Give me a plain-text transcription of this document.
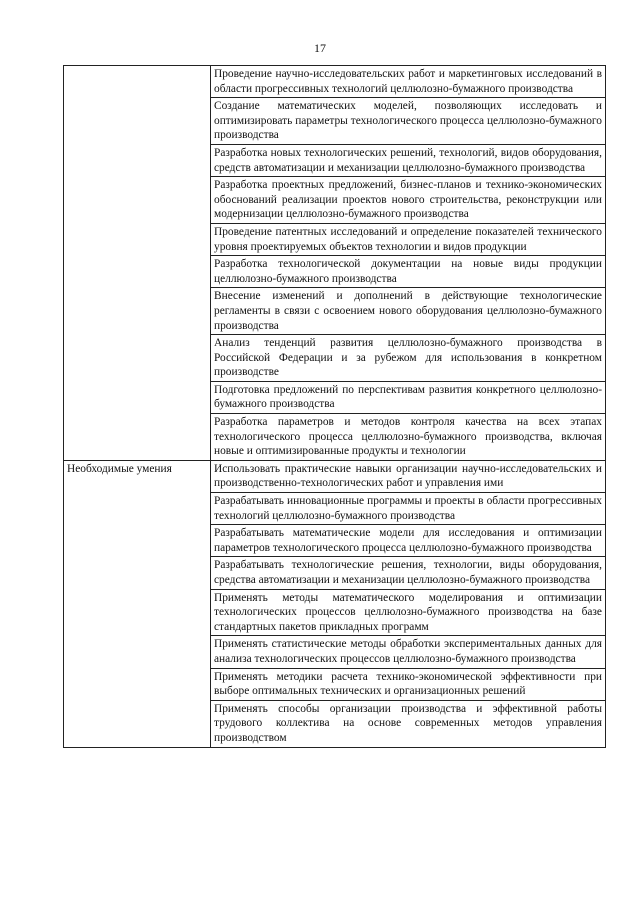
17
	Проведение научно-исследовательских работ и маркетинговых исследований в области прогрессивных технологий целлюлозно-бумажного производства
	Создание математических моделей, позволяющих исследовать и оптимизировать параметры технологического процесса целлюлозно-бумажного производства
	Разработка новых технологических решений, технологий, видов оборудования, средств автоматизации и механизации целлюлозно-бумажного производства
	Разработка проектных предложений, бизнес-планов и технико-экономических обоснований реализации проектов нового строительства, реконструкции или модернизации целлюлозно-бумажного производства
	Проведение патентных исследований и определение показателей технического уровня проектируемых объектов технологии и видов продукции
	Разработка технологической документации на новые виды продукции целлюлозно-бумажного производства
	Внесение изменений и дополнений в действующие технологические регламенты в связи с освоением нового оборудования целлюлозно-бумажного производства
	Анализ тенденций развития целлюлозно-бумажного производства в Российской Федерации и за рубежом для использования в конкретном производстве
	Подготовка предложений по перспективам развития конкретного целлюлозно-бумажного производства
	Разработка параметров и методов контроля качества на всех этапах технологического процесса целлюлозно-бумажного производства, включая новые и оптимизированные продукты и технологии
Необходимые умения	Использовать практические навыки организации научно-исследовательских и производственно-технологических работ и управления ими
	Разрабатывать инновационные программы и проекты в области прогрессивных технологий целлюлозно-бумажного производства
	Разрабатывать математические модели для исследования и оптимизации параметров технологического процесса целлюлозно-бумажного производства
	Разрабатывать технологические решения, технологии, виды оборудования, средства автоматизации и механизации целлюлозно-бумажного производства
	Применять методы математического моделирования и оптимизации технологических процессов целлюлозно-бумажного производства на базе стандартных пакетов прикладных программ
	Применять статистические методы обработки экспериментальных данных для анализа технологических процессов целлюлозно-бумажного производства
	Применять методики расчета технико-экономической эффективности при выборе оптимальных технических и организационных решений
	Применять способы организации производства и эффективной работы трудового коллектива на основе современных методов управления производством
